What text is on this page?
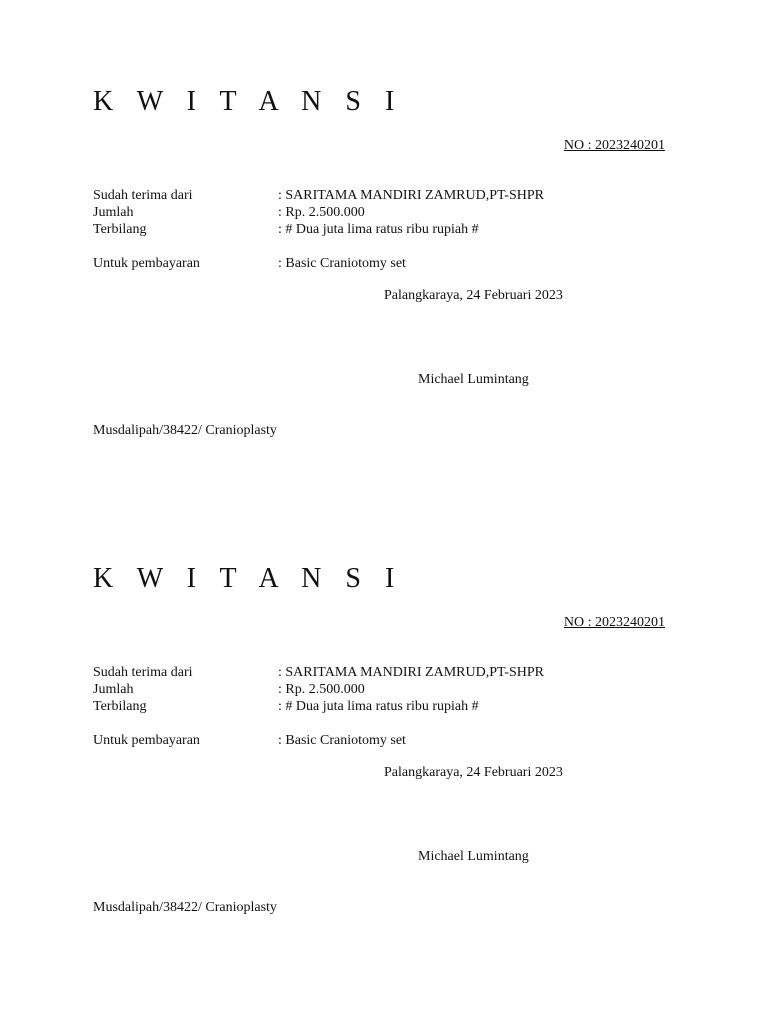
K W I T A N S I
NO : 2023240201
Sudah terima dari	: SARITAMA MANDIRI ZAMRUD,PT-SHPR
Jumlah	: Rp. 2.500.000
Terbilang	: # Dua juta lima ratus ribu rupiah #
Untuk pembayaran	: Basic Craniotomy set
Palangkaraya, 24 Februari 2023
Michael Lumintang
Musdalipah/38422/ Cranioplasty
K W I T A N S I
NO : 2023240201
Sudah terima dari	: SARITAMA MANDIRI ZAMRUD,PT-SHPR
Jumlah	: Rp. 2.500.000
Terbilang	: # Dua juta lima ratus ribu rupiah #
Untuk pembayaran	: Basic Craniotomy set
Palangkaraya, 24 Februari 2023
Michael Lumintang
Musdalipah/38422/ Cranioplasty
